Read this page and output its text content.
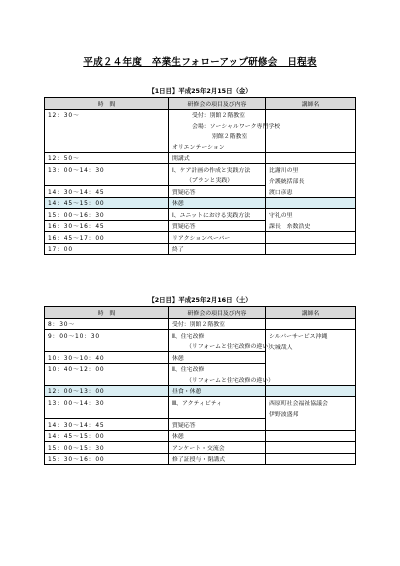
平成２４年度　卒業生フォローアップ研修会　日程表
【1日目】平成25年2月15日（金）
時　間	研修会の項目及び内容	講師名
12：30～	受付：別館２階教室	
	会場：ソーシャルワーク専門学校	
	別館２階教室	
	オリエンテーション	
12：50～	開講式	
13：00～14：30	Ⅰ、ケア計画の作成と実践方法	比謝川の里
	（プランと実践）	介護統括部長
14：30～14：45	質疑応答	渡口彦恵
14：45～15：00	休憩	
15：00～16：30	Ⅰ、ユニットにおける実践方法	守礼の里
16：30～16：45	質疑応答	課長　糸数浩史
16：45～17：00	リアクションペーパー	
17：00	終了	
【2日目】平成25年2月16日（土）
時　間	研修会の項目及び内容	講師名
8：30～	受付：別館２階教室	
9：00～10：30	Ⅱ、住宅改修	シルバーサービス沖縄
	（リフォームと住宅改修の違い）	大城哉人
10：30～10：40	休憩	
10：40～12：00	Ⅱ、住宅改修	
	（リフォームと住宅改修の違い）	
12：00～13：00	昼食・休憩	
13：00～14：30	Ⅲ、アクティビティ	西原町社会福祉協議会
		伊野波盛邦
14：30～14：45	質疑応答	
14：45～15：00	休憩	
15：00～15：30	アンケート・交流会	
15：30～16：00	修了証授与・閉講式	
